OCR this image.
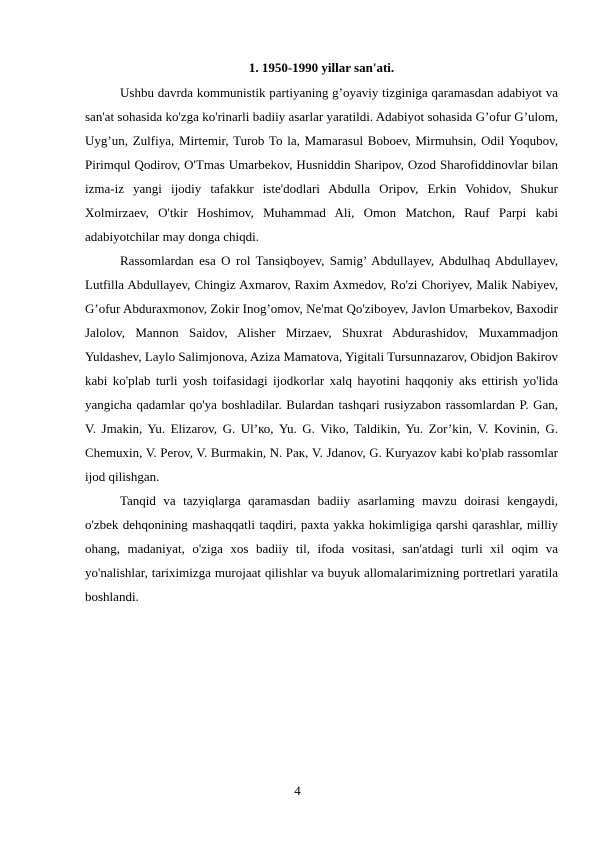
1. 1950-1990 yillar san'ati.

Ushbu davrda kommunistik partiyaning g’oyaviy tizginiga qaramasdan adabiyot va san'at sohasida ko'zga ko'rinarli badiiy asarlar yaratildi. Adabiyot sohasida G’ofur G’ulom, Uyg’un, Zulfiya, Mirtemir, Turob To la, Mamarasul Boboev, Mirmuhsin, Odil Yoqubov, Pirimqul Qodirov, O'Tmas Umarbekov, Husniddin Sharipov, Ozod Sharofiddinovlar bilan izma-iz yangi ijodiy tafakkur iste'dodlari Abdulla Oripov, Erkin Vohidov, Shukur Xolmirzaev, O'tkir Hoshimov, Muhammad Ali, Omon Matchon, Rauf Parpi kabi adabiyotchilar may donga chiqdi.

Rassomlardan esa O rol Tansiqboyev, Samig’ Abdullayev, Abdulhaq Abdullayev, Lutfilla Abdullayev, Chingiz Axmarov, Raxim Axmedov, Ro'zi Choriyev, Malik Nabiyev, G’ofur Abduraxmonov, Zokir Inog’omov, Ne'mat Qo'ziboyev, Javlon Umarbekov, Baxodir Jalolov, Mannon Saidov, Alisher Mirzaev, Shuxrat Abdurashidov, Muxammadjon Yuldashev, Laylo Salimjonova, Aziza Mamatova, Yigitali Tursunnazarov, Obidjon Bakirov kabi ko'plab turli yosh toifasidagi ijodkorlar xalq hayotini haqqoniy aks ettirish yo'lida yangicha qadamlar qo'ya boshladilar. Bulardan tashqari rusiyzabon rassomlardan P. Gan, V. Jmakin, Yu. Elizarov, G. Ul’ко, Yu. G. Viko, Taldikin, Yu. Zor’kin, V. Kovinin, G. Chemuxin, V. Perov, V. Burmakin, N. Рак, V. Jdanov, G. Kuryazov kabi ko'plab rassomlar ijod qilishgan.

Tanqid va tazyiqlarga qaramasdan badiiy asarlaming mavzu doirasi kengaydi, o'zbek dehqonining mashaqqatli taqdiri, paxta yakka hokimligiga qarshi qarashlar, milliy ohang, madaniyat, o'ziga xos badiiy til, ifoda vositasi, san'atdagi turli xil oqim va yo'nalishlar, tariximizga murojaat qilishlar va buyuk allomalarimizning portretlari yaratila boshlandi.

4
